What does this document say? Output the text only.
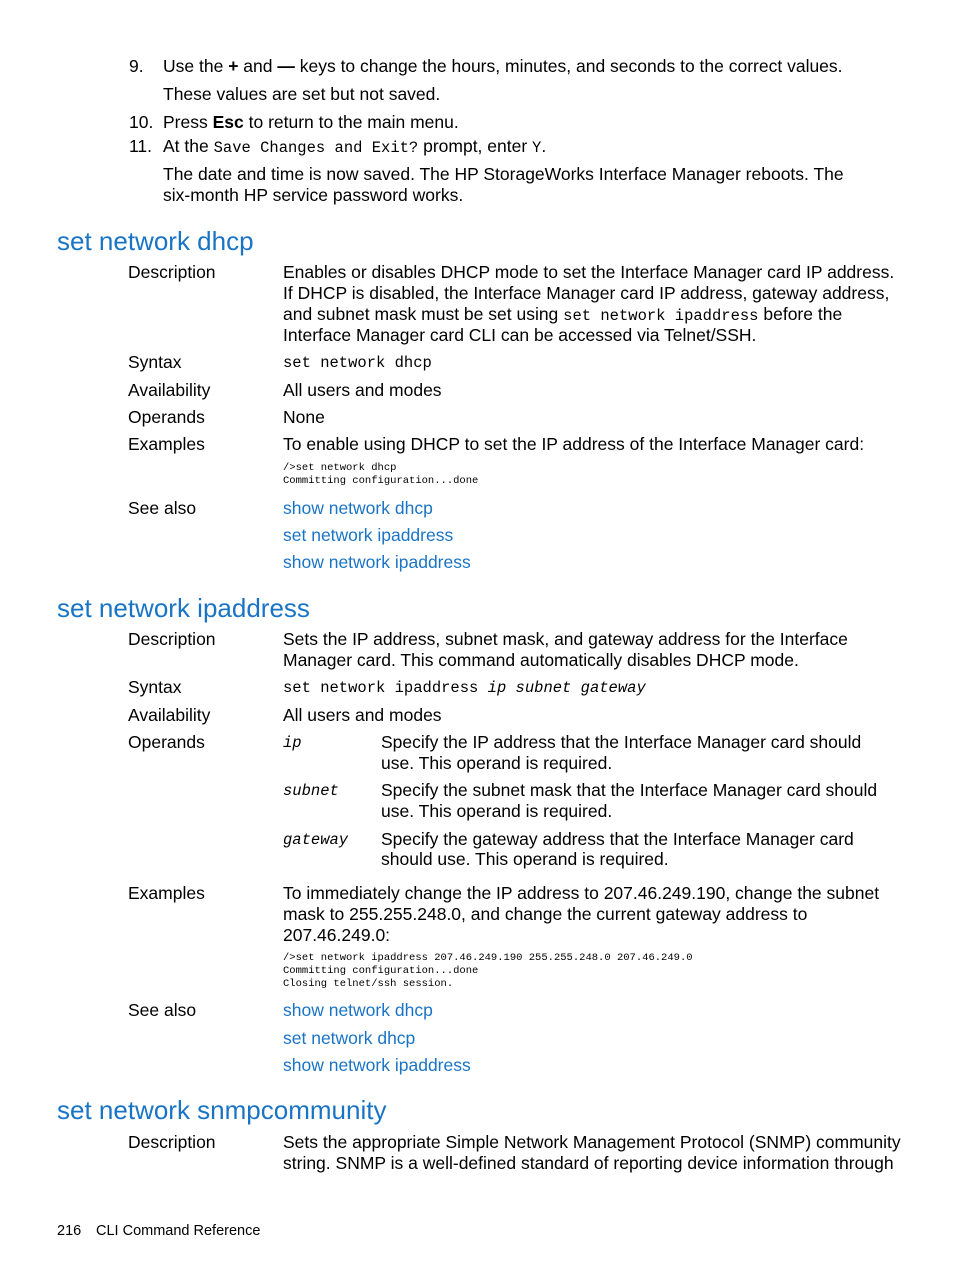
9. Use the + and — keys to change the hours, minutes, and seconds to the correct values.
These values are set but not saved.
10. Press Esc to return to the main menu.
11. At the Save Changes and Exit? prompt, enter Y.
The date and time is now saved. The HP StorageWorks Interface Manager reboots. The
six-month HP service password works.
set network dhcp
Description	Enables or disables DHCP mode to set the Interface Manager card IP address.
If DHCP is disabled, the Interface Manager card IP address, gateway address,
and subnet mask must be set using set network ipaddress before the
Interface Manager card CLI can be accessed via Telnet/SSH.
Syntax	set network dhcp
Availability	All users and modes
Operands	None
Examples	To enable using DHCP to set the IP address of the Interface Manager card:
/>set network dhcp
Committing configuration...done
See also	show network dhcp
set network ipaddress
show network ipaddress
set network ipaddress
Description	Sets the IP address, subnet mask, and gateway address for the Interface
Manager card. This command automatically disables DHCP mode.
Syntax	set network ipaddress ip subnet gateway
Availability	All users and modes
Operands	ip	Specify the IP address that the Interface Manager card should
use. This operand is required.
subnet Specify the subnet mask that the Interface Manager card should
use. This operand is required.
gateway Specify the gateway address that the Interface Manager card
should use. This operand is required.
Examples	To immediately change the IP address to 207.46.249.190, change the subnet
mask to 255.255.248.0, and change the current gateway address to
207.46.249.0:
/>set network ipaddress 207.46.249.190 255.255.248.0 207.46.249.0
Committing configuration...done
Closing telnet/ssh session.
See also	show network dhcp
set network dhcp
show network ipaddress
set network snmpcommunity
Description	Sets the appropriate Simple Network Management Protocol (SNMP) community
string. SNMP is a well-defined standard of reporting device information through
216 CLI Command Reference
